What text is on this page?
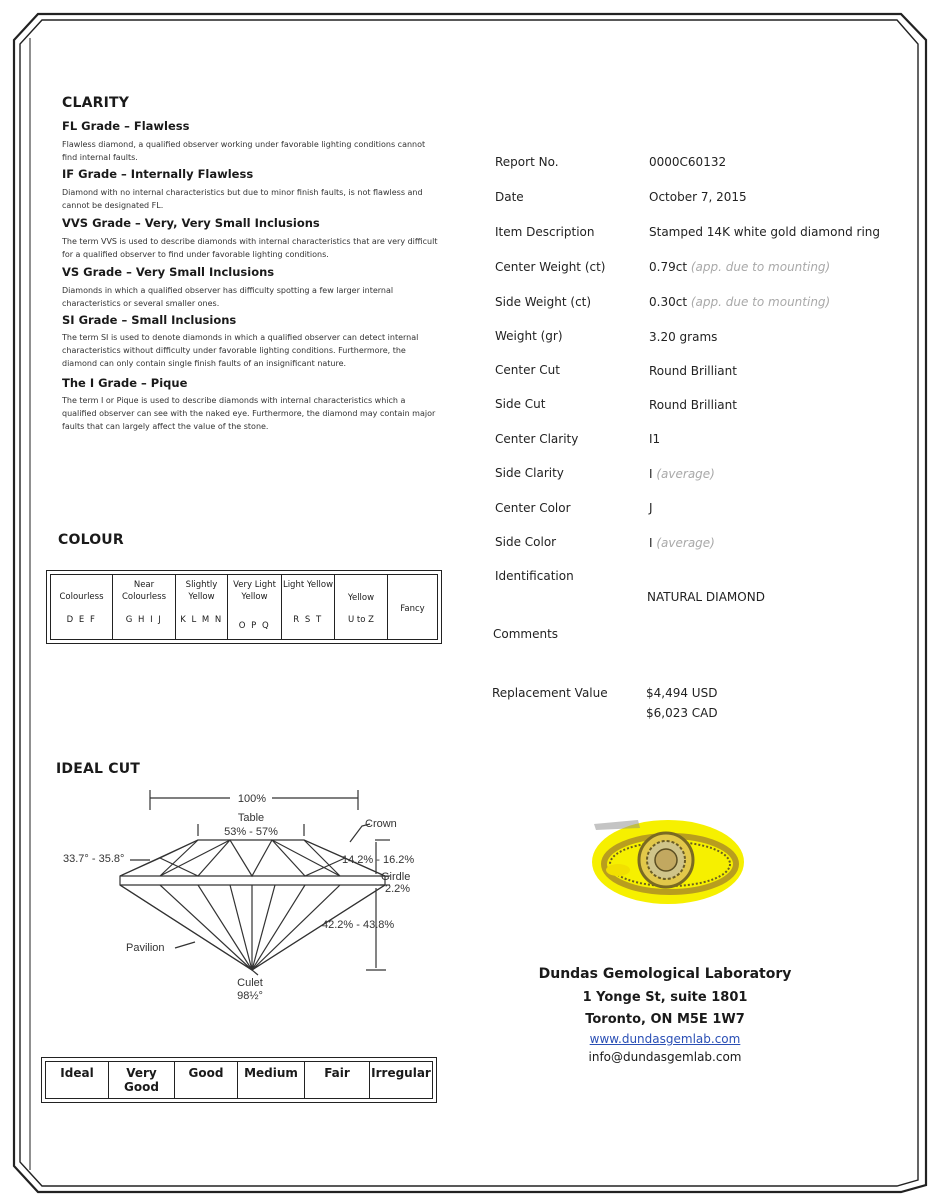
CLARITY
FL Grade – Flawless
Flawless diamond, a qualified observer working under favorable lighting conditions cannot find internal faults.
IF Grade – Internally Flawless
Diamond with no internal characteristics but due to minor finish faults, is not flawless and cannot be designated FL.
VVS Grade – Very, Very Small Inclusions
The term VVS is used to describe diamonds with internal characteristics that are very difficult for a qualified observer to find under favorable lighting conditions.
VS Grade – Very Small Inclusions
Diamonds in which a qualified observer has difficulty spotting a few larger internal characteristics or several smaller ones.
SI Grade – Small Inclusions
The term SI is used to denote diamonds in which a qualified observer can detect internal characteristics without difficulty under favorable lighting conditions. Furthermore, the diamond can only contain single finish faults of an insignificant nature.
The I Grade – Pique
The term I or Pique is used to describe diamonds with internal characteristics which a qualified observer can see with the naked eye. Furthermore, the diamond may contain major faults that can largely affect the value of the stone.
Report No.	0000C60132
Date	October 7, 2015
Item Description	Stamped 14K white gold diamond ring
Center Weight (ct)	0.79ct (app. due to mounting)
Side Weight (ct)	0.30ct (app. due to mounting)
Weight (gr)	3.20 grams
Center Cut	Round Brilliant
Side Cut	Round Brilliant
Center Clarity	I1
Side Clarity	I (average)
Center Color	J
Side Color	I (average)
Identification
NATURAL DIAMOND
Comments
Replacement Value	$4,494 USD
$6,023 CAD
COLOUR
Colourless
D E F
Near Colourless
G H I J
Slightly Yellow
K L M N
Very Light Yellow
O P Q
Light Yellow
R S T
Yellow
U to Z
Fancy
IDEAL CUT
100%
Table
53% - 57%
Crown
33.7° - 35.8°	14.2% - 16.2%
Girdle
2.2%
42.2% - 43.8%
Pavilion
Culet
98½°
Ideal	Very Good
Good	Medium	Fair	Irregular
Dundas Gemological Laboratory
1 Yonge St, suite 1801
Toronto, ON M5E 1W7
www.dundasgemlab.com
info@dundasgemlab.com
